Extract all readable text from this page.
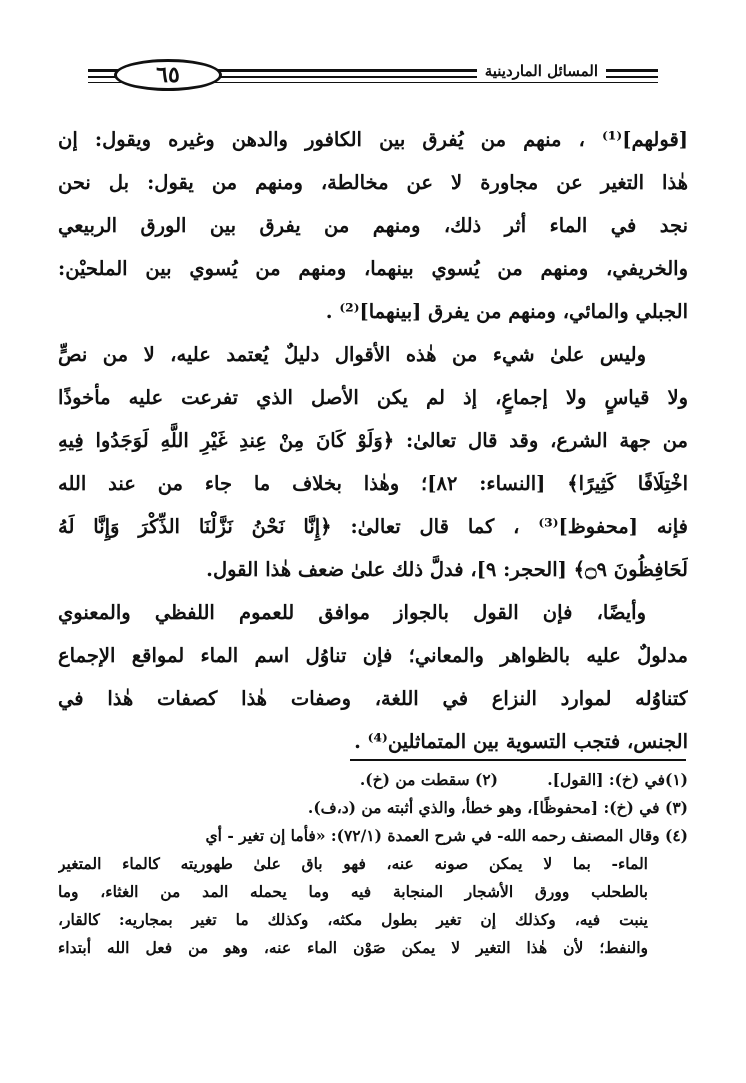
٦٥	المسائل الماردينية
[قولهم]⁽¹⁾ ، منهم من يُفرق بين الكافور والدهن وغيره ويقول: إن
هٰذا التغير عن مجاورة لا عن مخالطة، ومنهم من يقول: بل نحن
نجد في الماء أثر ذلك، ومنهم من يفرق بين الورق الربيعي
والخريفي، ومنهم من يُسوي بينهما، ومنهم من يُسوي بين الملحيْن:
الجبلي والمائي، ومنهم من يفرق [بينهما]⁽²⁾ .
وليس علىٰ شيء من هٰذه الأقوال دليلٌ يُعتمد عليه، لا من نصٍّ
ولا قياسٍ ولا إجماعٍ، إذ لم يكن الأصل الذي تفرعت عليه مأخوذًا
من جهة الشرع، وقد قال تعالىٰ: ﴿وَلَوْ كَانَ مِنْ عِندِ غَيْرِ اللَّهِ لَوَجَدُوا فِيهِ
اخْتِلَافًا كَثِيرًا﴾ [النساء: ٨٢]؛ وهٰذا بخلاف ما جاء من عند الله
فإنه [محفوظ]⁽³⁾ ، كما قال تعالىٰ: ﴿إِنَّا نَحْنُ نَزَّلْنَا الذِّكْرَ وَإِنَّا لَهُ
لَحَافِظُونَ ۝٩﴾ [الحجر: ٩]، فدلَّ ذلك علىٰ ضعف هٰذا القول.
وأيضًا، فإن القول بالجواز موافق للعموم اللفظي والمعنوي
مدلولٌ عليه بالظواهر والمعاني؛ فإن تناوُل اسم الماء لمواقع الإجماع
كتناوُله لموارد النزاع في اللغة، وصفات هٰذا كصفات هٰذا في
الجنس، فتجب التسوية بين المتماثلين⁽⁴⁾ .
(١)في (خ): [القول].
(٢) سقطت من (خ).
(٣) في (خ): [محفوظًا]، وهو خطأ، والذي أثبته من (د،ف).
(٤) وقال المصنف رحمه الله- في شرح العمدة (٧٢/١): «فأما إن تغير - أي
الماء- بما لا يمكن صونه عنه، فهو باق علىٰ طهوريته كالماء المتغير
بالطحلب وورق الأشجار المنجابة فيه وما يحمله المد من الغثاء، وما
ينبت فيه، وكذلك إن تغير بطول مكثه، وكذلك ما تغير بمجاريه: كالقار،
والنفط؛ لأن هٰذا التغير لا يمكن صَوْن الماء عنه، وهو من فعل الله أبتداء
